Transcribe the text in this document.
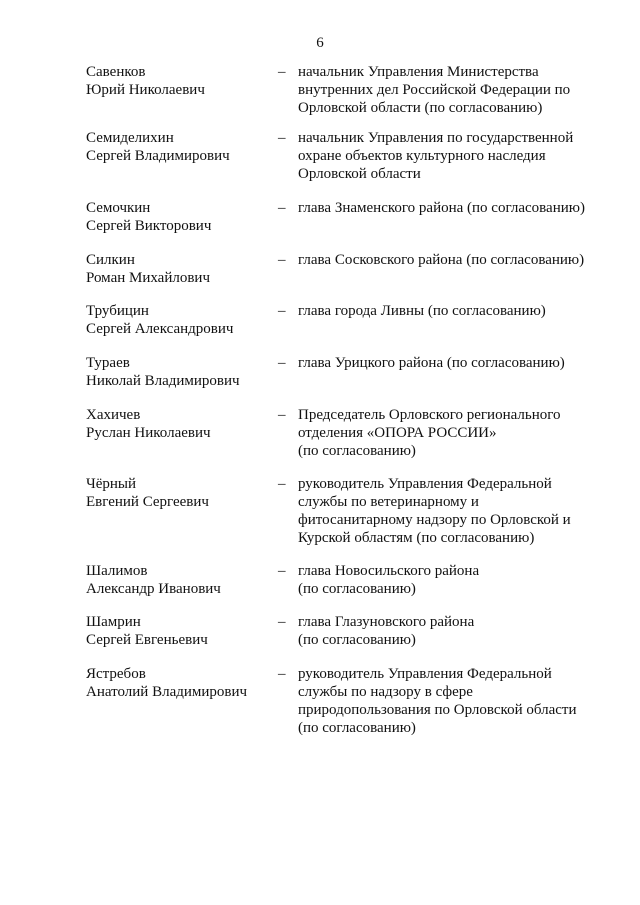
6
Савенков
Юрий Николаевич
– начальник Управления Министерства
внутренних дел Российской Федерации по
Орловской области (по согласованию)
Семиделихин
Сергей Владимирович
– начальник Управления по государственной
охране объектов культурного наследия
Орловской области
Семочкин
Сергей Викторович
– глава Знаменского района (по согласованию)
Силкин
Роман Михайлович
– глава Сосковского района (по согласованию)
Трубицин
Сергей Александрович
– глава города Ливны (по согласованию)
Тураев
Николай Владимирович
– глава Урицкого района (по согласованию)
Хахичев
Руслан Николаевич
– Председатель Орловского регионального
отделения «ОПОРА РОССИИ»
(по согласованию)
Чёрный
Евгений Сергеевич
– руководитель Управления Федеральной
службы по ветеринарному и
фитосанитарному надзору по Орловской и
Курской областям (по согласованию)
Шалимов
Александр Иванович
– глава Новосильского района
(по согласованию)
Шамрин
Сергей Евгеньевич
– глава Глазуновского района
(по согласованию)
Ястребов
Анатолий Владимирович
– руководитель Управления Федеральной
службы по надзору в сфере
природопользования по Орловской области
(по согласованию)
